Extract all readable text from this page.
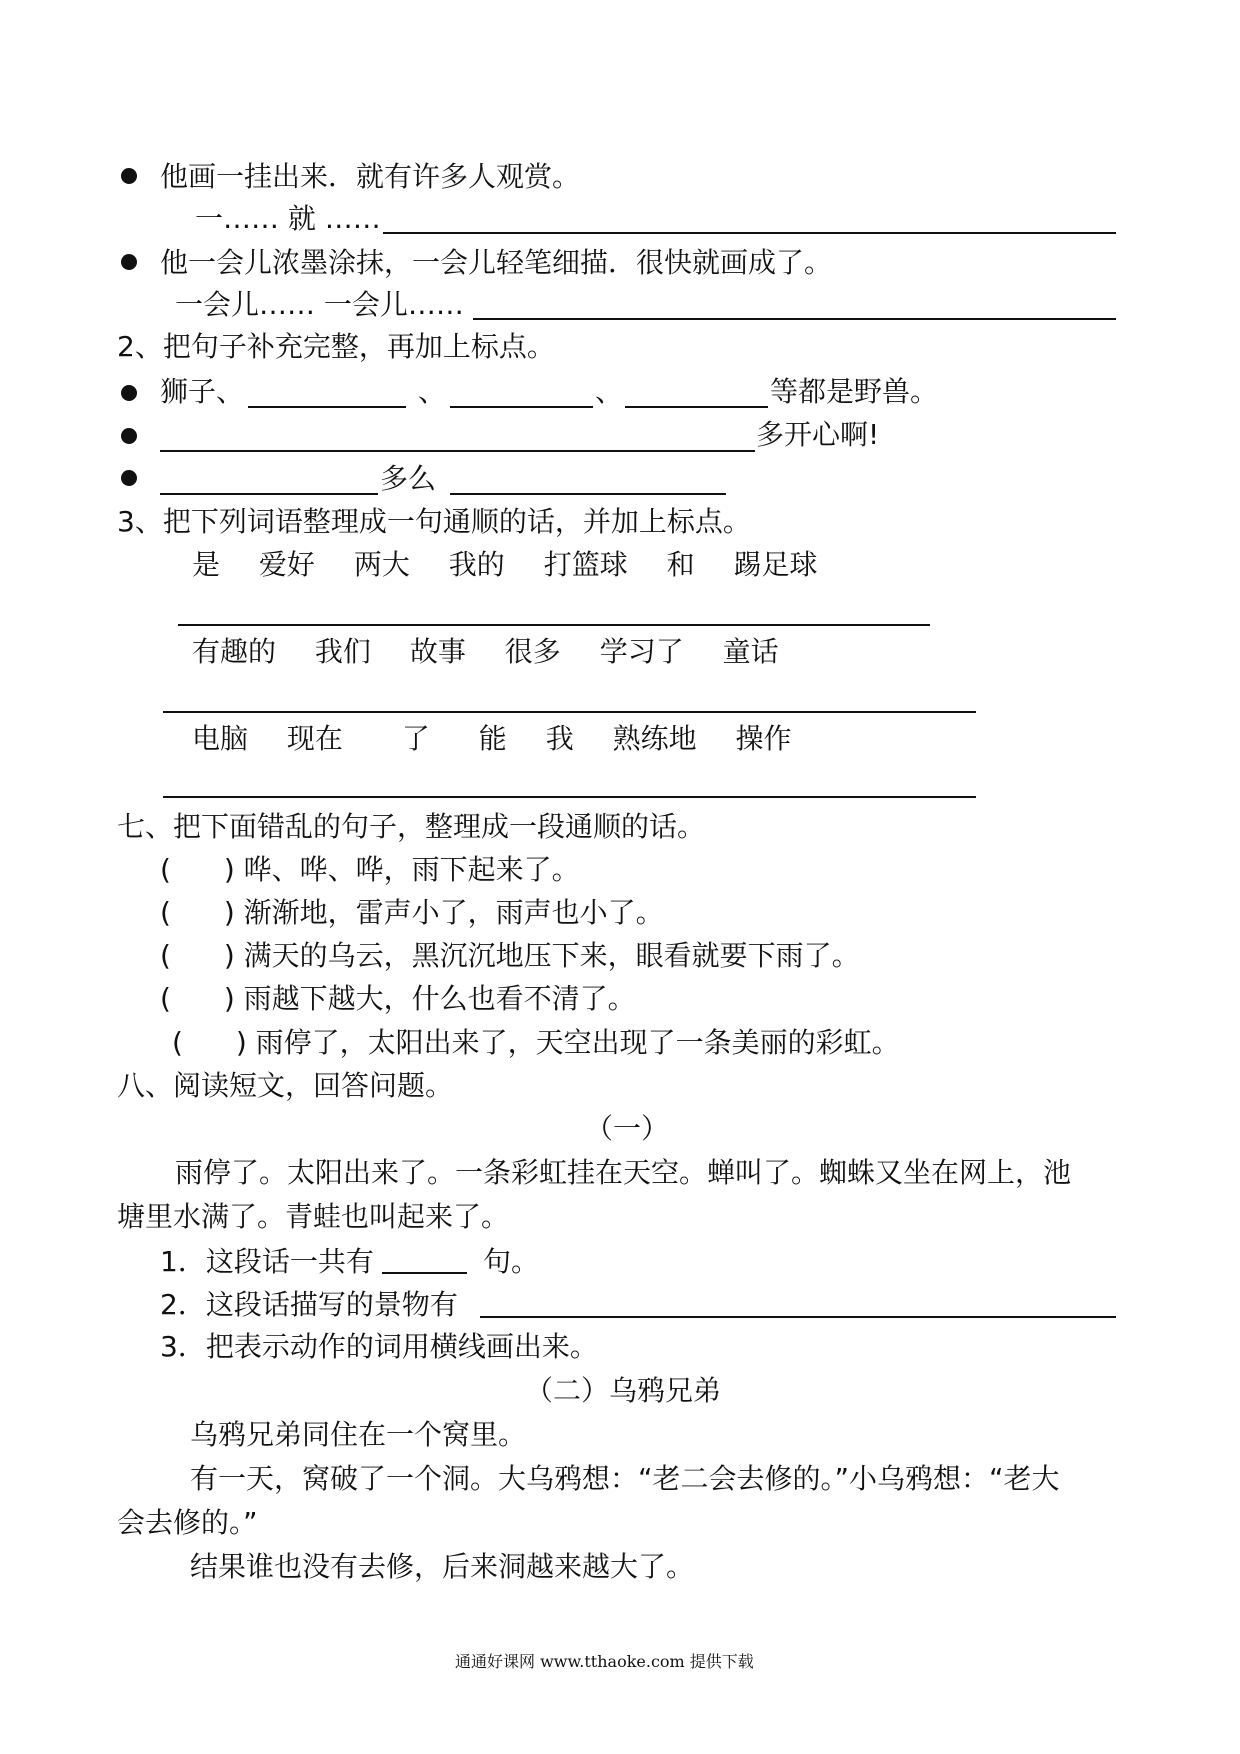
他画一挂出来．就有许多人观赏。
一…… 就 ……
他一会儿浓墨涂抹，一会儿轻笔细描．很快就画成了。
一会儿…… 一会儿……
2、把句子补充完整，再加上标点。
狮子、	、	、	等都是野兽。
多开心啊!
多么
3、把下列词语整理成一句通顺的话，并加上标点。
是 爱好 两大 我的 打篮球 和 踢足球
有趣的 我们 故事 很多 学习了 童话
电脑 现在 了 能 我 熟练地 操作
七、把下面错乱的句子，整理成一段通顺的话。
( ) 哗、哗、哗，雨下起来了。
( ) 渐渐地，雷声小了，雨声也小了。
( ) 满天的乌云，黑沉沉地压下来，眼看就要下雨了。
( ) 雨越下越大，什么也看不清了。
( ) 雨停了，太阳出来了，天空出现了一条美丽的彩虹。
八、阅读短文，回答问题。
（一）
雨停了。太阳出来了。一条彩虹挂在天空。蝉叫了。蜘蛛又坐在网上，池
塘里水满了。青蛙也叫起来了。
1．这段话一共有	句。
2．这段话描写的景物有
3．把表示动作的词用横线画出来。
（二）乌鸦兄弟
乌鸦兄弟同住在一个窝里。
有一天，窝破了一个洞。大乌鸦想：“老二会去修的。”小乌鸦想：“老大
会去修的。”
结果谁也没有去修，后来洞越来越大了。
通通好课网 www.tthaoke.com 提供下载
